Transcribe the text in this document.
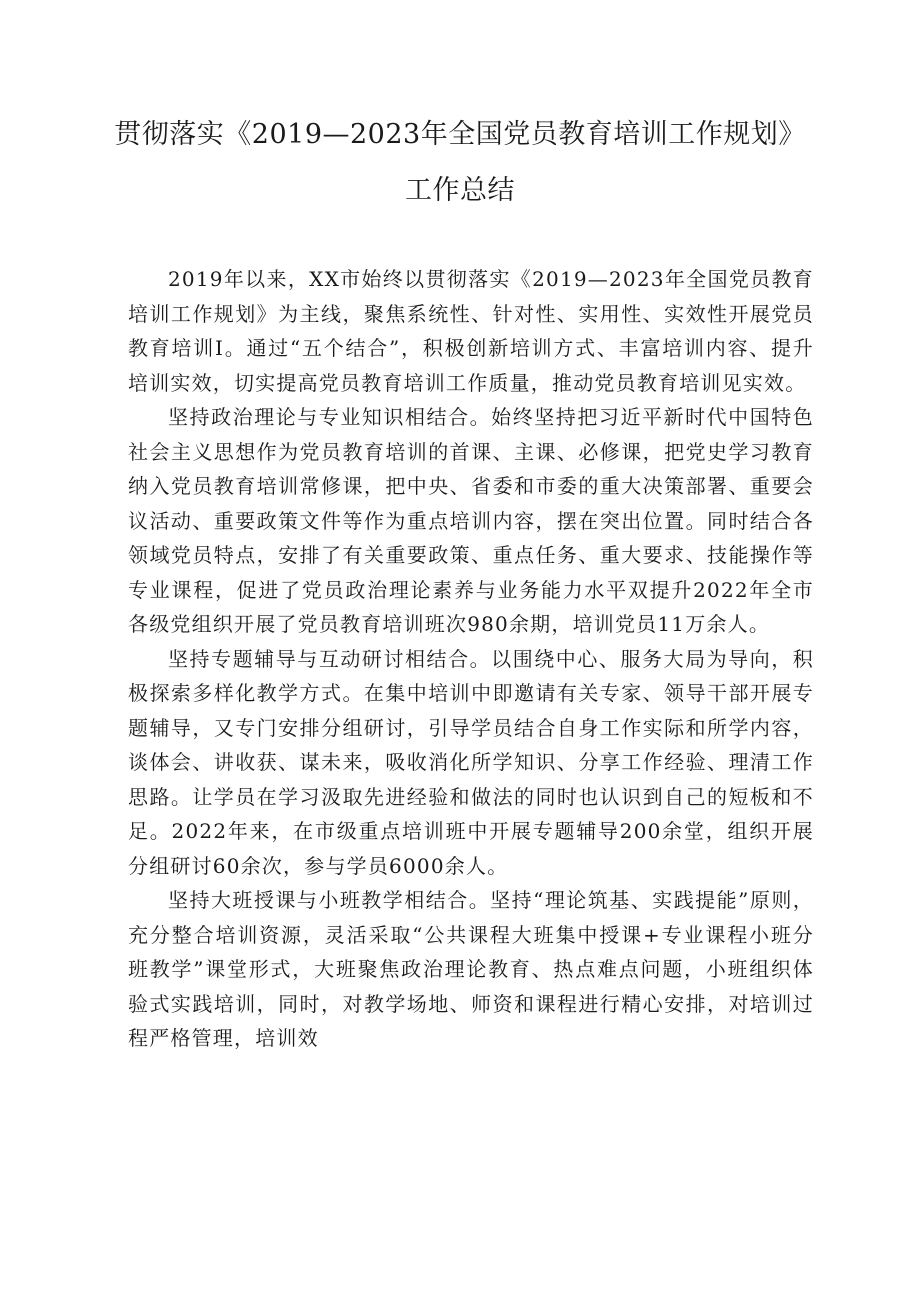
贯彻落实《2019—2023年全国党员教育培训工作规划》
工作总结

2019年以来，XX市始终以贯彻落实《2019—2023年全国党员教育培训工作规划》为主线，聚焦系统性、针对性、实用性、实效性开展党员教育培训I。通过“五个结合”，积极创新培训方式、丰富培训内容、提升培训实效，切实提高党员教育培训工作质量，推动党员教育培训见实效。

坚持政治理论与专业知识相结合。始终坚持把习近平新时代中国特色社会主义思想作为党员教育培训的首课、主课、必修课，把党史学习教育纳入党员教育培训常修课，把中央、省委和市委的重大决策部署、重要会议活动、重要政策文件等作为重点培训内容，摆在突出位置。同时结合各领域党员特点，安排了有关重要政策、重点任务、重大要求、技能操作等专业课程，促进了党员政治理论素养与业务能力水平双提升2022年全市各级党组织开展了党员教育培训班次980余期，培训党员11万余人。

坚持专题辅导与互动研讨相结合。以围绕中心、服务大局为导向，积极探索多样化教学方式。在集中培训中即邀请有关专家、领导干部开展专题辅导，又专门安排分组研讨，引导学员结合自身工作实际和所学内容，谈体会、讲收获、谋未来，吸收消化所学知识、分享工作经验、理清工作思路。让学员在学习汲取先进经验和做法的同时也认识到自己的短板和不足。2022年来，在市级重点培训班中开展专题辅导200余堂，组织开展分组研讨60余次，参与学员6000余人。

坚持大班授课与小班教学相结合。坚持“理论筑基、实践提能”原则，充分整合培训资源，灵活采取“公共课程大班集中授课+专业课程小班分班教学”课堂形式，大班聚焦政治理论教育、热点难点问题，小班组织体验式实践培训，同时，对教学场地、师资和课程进行精心安排，对培训过程严格管理，培训效
